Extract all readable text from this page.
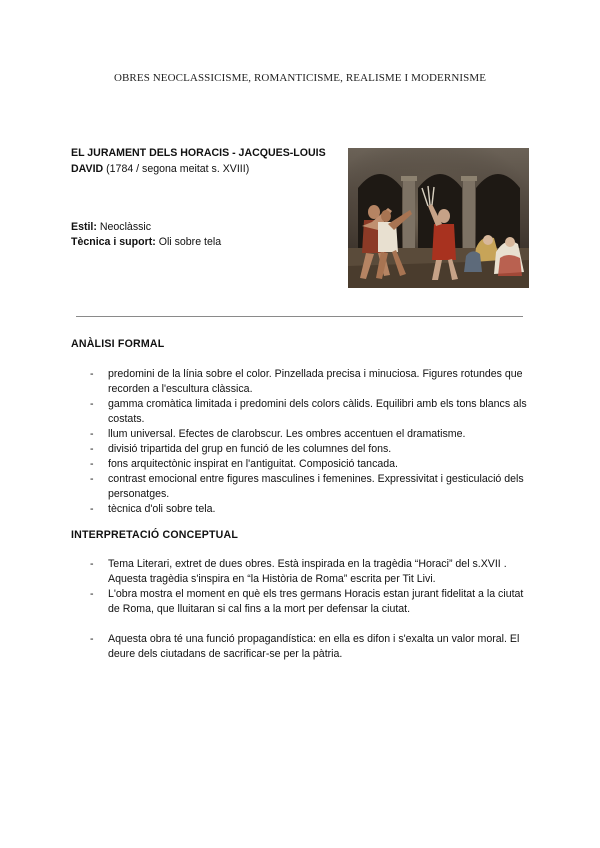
OBRES NEOCLASSICISME, ROMANTICISME, REALISME I MODERNISME
EL JURAMENT DELS HORACIS - JACQUES-LOUIS
DAVID (1784 / segona meitat s. XVIII)
Estil: Neoclàssic
Tècnica i suport: Oli sobre tela
ANÀLISI FORMAL
- predomini de la línia sobre el color. Pinzellada precisa i minuciosa. Figures rotundes que recorden a l'escultura clàssica.
- gamma cromàtica limitada i predomini dels colors càlids. Equilibri amb els tons blancs als costats.
- llum universal. Efectes de clarobscur. Les ombres accentuen el dramatisme.
- divisió tripartida del grup en funció de les columnes del fons.
- fons arquitectònic inspirat en l'antiguitat. Composició tancada.
- contrast emocional entre figures masculines i femenines. Expressivitat i gesticulació dels personatges.
- tècnica d'oli sobre tela.
INTERPRETACIÓ CONCEPTUAL
- Tema Literari, extret de dues obres. Està inspirada en la tragèdia “Horaci” del s.XVII . Aquesta tragèdia s'inspira en “la Història de Roma” escrita per Tit Livi.
- L'obra mostra el moment en què els tres germans Horacis estan jurant fidelitat a la ciutat de Roma, que lluitaran si cal fins a la mort per defensar la ciutat.
- Aquesta obra té una funció propagandística: en ella es difon i s'exalta un valor moral. El deure dels ciutadans de sacrificar-se per la pàtria.
